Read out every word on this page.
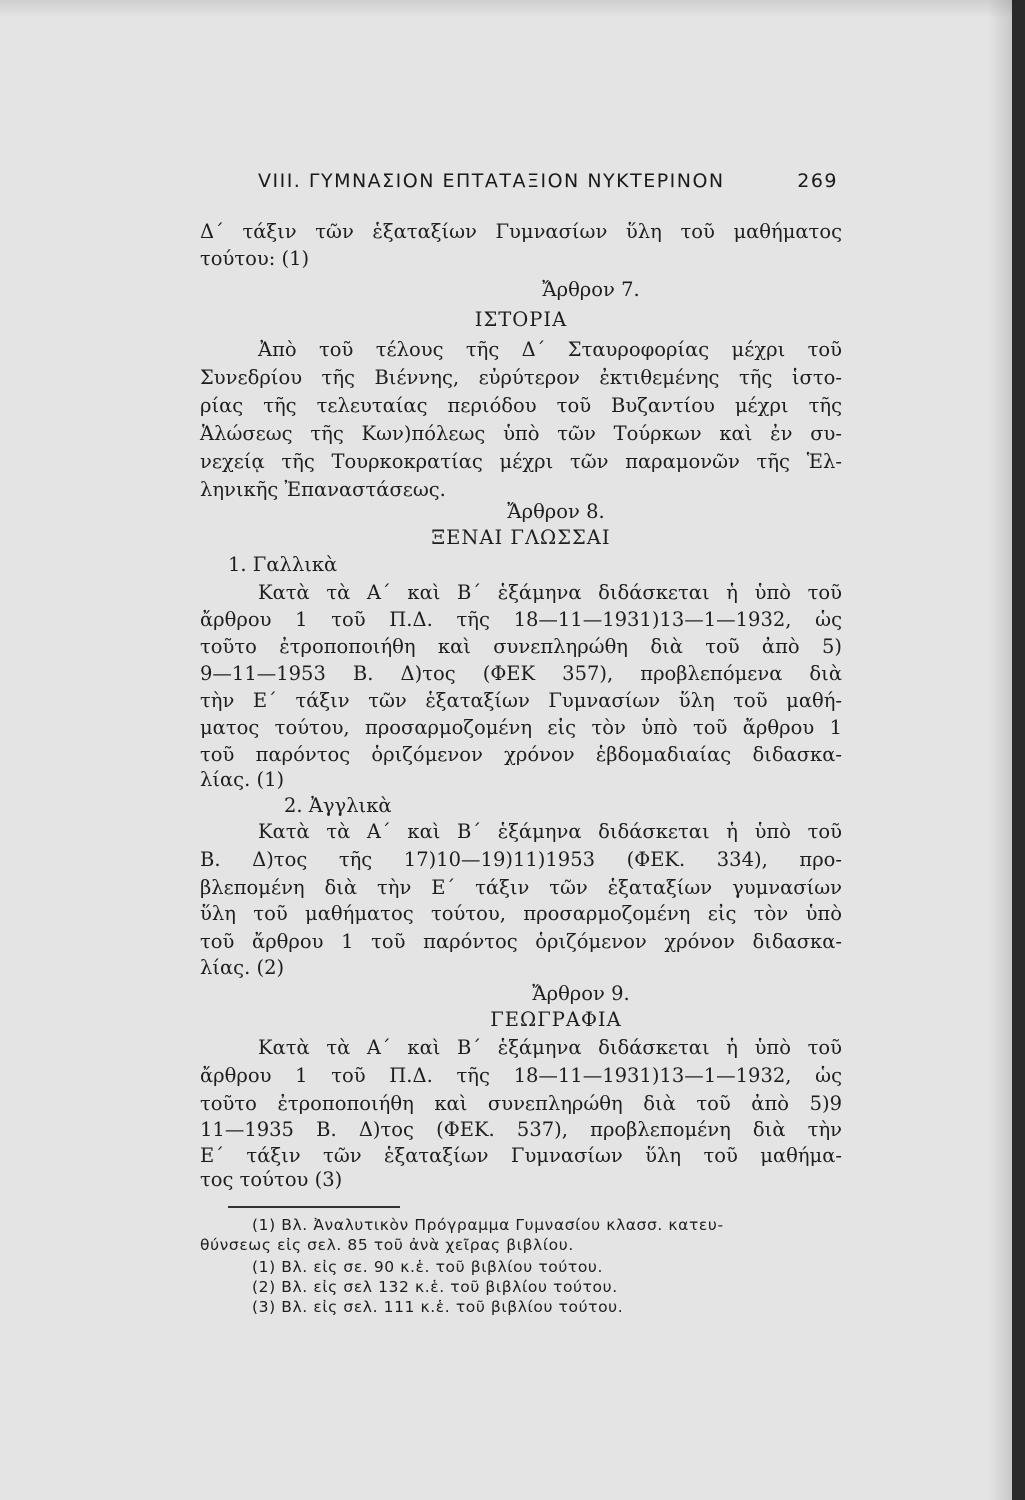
VIII. ΓΥΜΝΑΣΙΟΝ ΕΠΤΑΤΑΞΙΟΝ ΝΥΚΤΕΡΙΝΟΝ	269
Δ΄ τάξιν τῶν ἑξαταξίων Γυμνασίων ὕλη τοῦ μαθήματος
τούτου: (1)
Ἄρθρον 7.
ΙΣΤΟΡΙΑ
Ἀπὸ τοῦ τέλους τῆς Δ΄ Σταυροφορίας μέχρι τοῦ
Συνεδρίου τῆς Βιέννης, εὐρύτερον ἐκτιθεμένης τῆς ἱστο-
ρίας τῆς τελευταίας περιόδου τοῦ Βυζαντίου μέχρι τῆς
Ἁλώσεως τῆς Κων)πόλεως ὑπὸ τῶν Τούρκων καὶ ἐν συ-
νεχείᾳ τῆς Τουρκοκρατίας μέχρι τῶν παραμονῶν τῆς Ἑλ-
ληνικῆς Ἐπαναστάσεως.
Ἄρθρον 8.
ΞΕΝΑΙ ΓΛΩΣΣΑΙ
1. Γαλλικὰ
Κατὰ τὰ Α΄ καὶ Β΄ ἑξάμηνα διδάσκεται ἡ ὑπὸ τοῦ
ἄρθρου 1 τοῦ Π.Δ. τῆς 18—11—1931)13—1—1932, ὡς
τοῦτο ἐτροποποιήθη καὶ συνεπληρώθη διὰ τοῦ ἀπὸ 5)
9—11—1953 Β. Δ)τος (ΦΕΚ 357), προβλεπόμενα διὰ
τὴν Ε΄ τάξιν τῶν ἑξαταξίων Γυμνασίων ὕλη τοῦ μαθή-
ματος τούτου, προσαρμοζομένη εἰς τὸν ὑπὸ τοῦ ἄρθρου 1
τοῦ παρόντος ὁριζόμενον χρόνον ἑβδομαδιαίας διδασκα-
λίας. (1)
2. Ἀγγλικὰ
Κατὰ τὰ Α΄ καὶ Β΄ ἑξάμηνα διδάσκεται ἡ ὑπὸ τοῦ
Β. Δ)τος τῆς 17)10—19)11)1953 (ΦΕΚ. 334), προ-
βλεπομένη διὰ τὴν Ε΄ τάξιν τῶν ἑξαταξίων γυμνασίων
ὕλη τοῦ μαθήματος τούτου, προσαρμοζομένη εἰς τὸν ὑπὸ
τοῦ ἄρθρου 1 τοῦ παρόντος ὁριζόμενον χρόνον διδασκα-
λίας. (2)
Ἄρθρον 9.
ΓΕΩΓΡΑΦΙΑ
Κατὰ τὰ Α΄ καὶ Β΄ ἑξάμηνα διδάσκεται ἡ ὑπὸ τοῦ
ἄρθρου 1 τοῦ Π.Δ. τῆς 18—11—1931)13—1—1932, ὡς
τοῦτο ἐτροποποιήθη καὶ συνεπληρώθη διὰ τοῦ ἀπὸ 5)9
11—1935 Β. Δ)τος (ΦΕΚ. 537), προβλεπομένη διὰ τὴν
Ε΄ τάξιν τῶν ἑξαταξίων Γυμνασίων ὕλη τοῦ μαθήμα-
τος τούτου (3)
(1) Βλ. Ἀναλυτικὸν Πρόγραμμα Γυμνασίου κλασσ. κατευ-
θύνσεως εἰς σελ. 85 τοῦ ἀνὰ χεῖρας βιβλίου.
(1) Βλ. εἰς σε. 90 κ.ἑ. τοῦ βιβλίου τούτου.
(2) Βλ. εἰς σελ 132 κ.ἑ. τοῦ βιβλίου τούτου.
(3) Βλ. εἰς σελ. 111 κ.ἑ. τοῦ βιβλίου τούτου.
